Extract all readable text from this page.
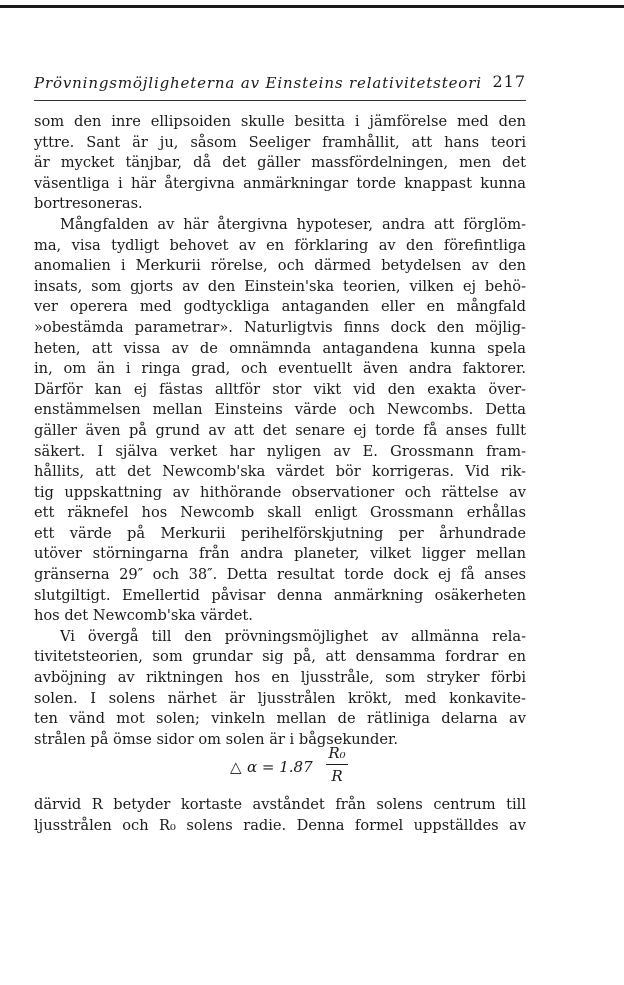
Prövningsmöjligheterna av Einsteins relativitetsteori 217
som den inre ellipsoiden skulle besitta i jämförelse med den
yttre. Sant är ju, såsom Seeliger framhållit, att hans teori
är mycket tänjbar, då det gäller massfördelningen, men det
väsentliga i här återgivna anmärkningar torde knappast kunna
bortresoneras.
Mångfalden av här återgivna hypoteser, andra att förglöm-
ma, visa tydligt behovet av en förklaring av den förefintliga
anomalien i Merkurii rörelse, och därmed betydelsen av den
insats, som gjorts av den Einstein'ska teorien, vilken ej behö-
ver operera med godtyckliga antaganden eller en mångfald
»obestämda parametrar». Naturligtvis finns dock den möjlig-
heten, att vissa av de omnämnda antagandena kunna spela
in, om än i ringa grad, och eventuellt även andra faktorer.
Därför kan ej fästas alltför stor vikt vid den exakta över-
enstämmelsen mellan Einsteins värde och Newcombs. Detta
gäller även på grund av att det senare ej torde få anses fullt
säkert. I själva verket har nyligen av E. Grossmann fram-
hållits, att det Newcomb'ska värdet bör korrigeras. Vid rik-
tig uppskattning av hithörande observationer och rättelse av
ett räknefel hos Newcomb skall enligt Grossmann erhållas
ett värde på Merkurii perihelförskjutning per århundrade
utöver störningarna från andra planeter, vilket ligger mellan
gränserna 29″ och 38″. Detta resultat torde dock ej få anses
slutgiltigt. Emellertid påvisar denna anmärkning osäkerheten
hos det Newcomb'ska värdet.
Vi övergå till den prövningsmöjlighet av allmänna rela-
tivitetsteorien, som grundar sig på, att densamma fordrar en
avböjning av riktningen hos en ljusstråle, som stryker förbi
solen. I solens närhet är ljusstrålen krökt, med konkavite-
ten vänd mot solen; vinkeln mellan de rätliniga delarna av
strålen på ömse sidor om solen är i bågsekunder.
△ α = 1.87
R₀
R
därvid R betyder kortaste avståndet från solens centrum till
ljusstrålen och R₀ solens radie. Denna formel uppställdes av
